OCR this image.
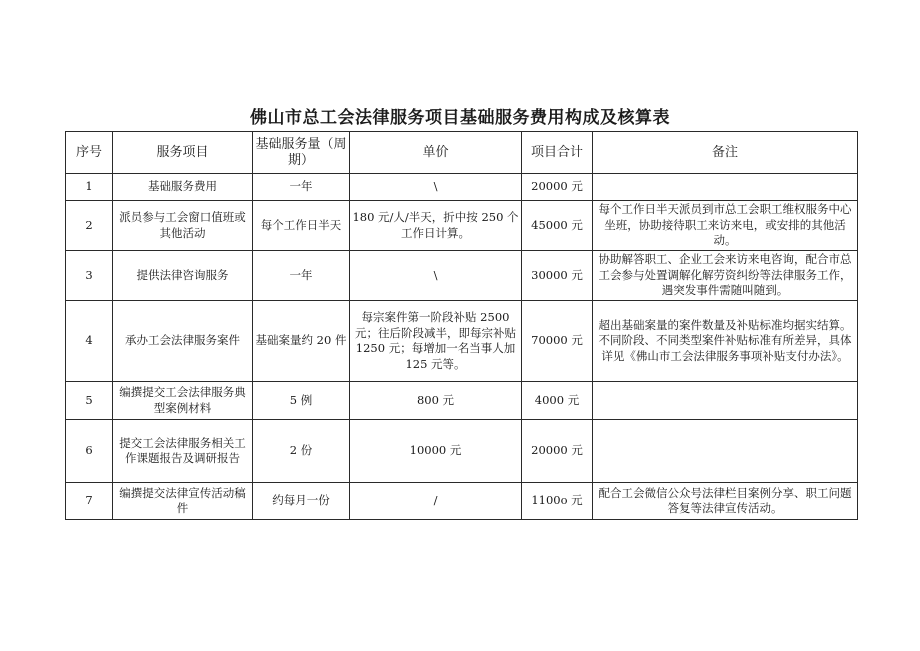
佛山市总工会法律服务项目基础服务费用构成及核算表
序号	服务项目	基础服务量（周期）	单价	项目合计	备注
1	基础服务费用	一年	\	20000 元	
2	派员参与工会窗口值班或其他活动	每个工作日半天	180 元/人/半天，折中按 250 个工作日计算。	45000 元	每个工作日半天派员到市总工会职工维权服务中心坐班，协助接待职工来访来电，或安排的其他活动。
3	提供法律咨询服务	一年	\	30000 元	协助解答职工、企业工会来访来电咨询，配合市总工会参与处置调解化解劳资纠纷等法律服务工作，遇突发事件需随叫随到。
4	承办工会法律服务案件	基础案量约 20 件	每宗案件第一阶段补贴 2500 元；往后阶段减半，即每宗补贴 1250 元；每增加一名当事人加 125 元等。	70000 元	超出基础案量的案件数量及补贴标准均据实结算。不同阶段、不同类型案件补贴标准有所差异，具体详见《佛山市工会法律服务事项补贴支付办法》。
5	编撰提交工会法律服务典型案例材料	5 例	800 元	4000 元	
6	提交工会法律服务相关工作课题报告及调研报告	2 份	10000 元	20000 元	
7	编撰提交法律宣传活动稿件	约每月一份	/	1100o 元	配合工会微信公众号法律栏目案例分享、职工问题答复等法律宣传活动。
